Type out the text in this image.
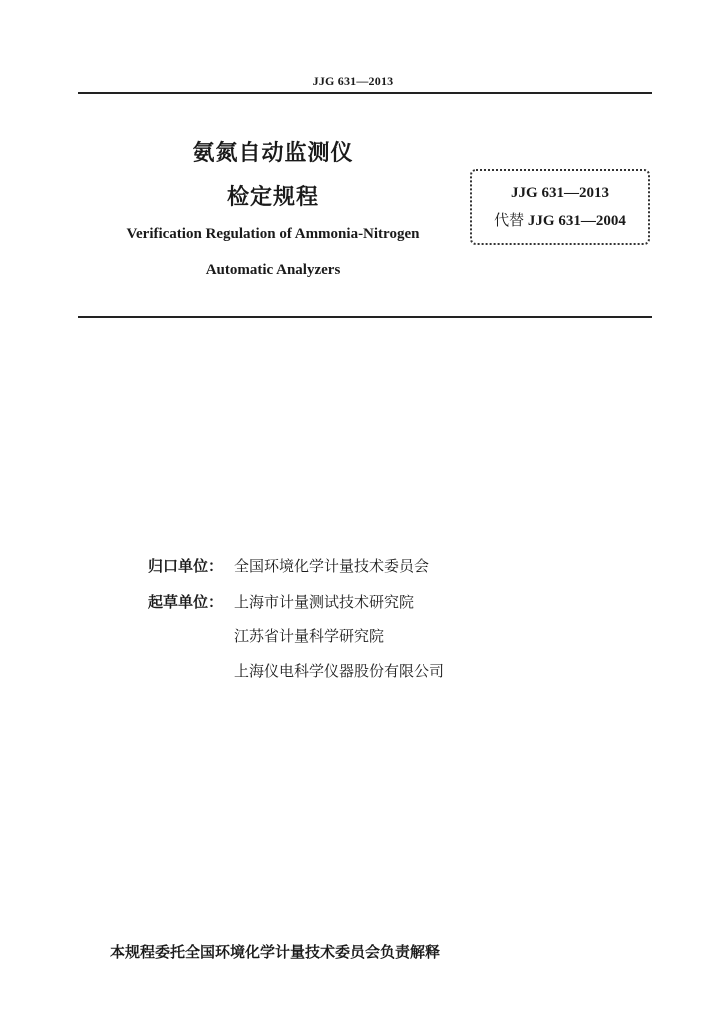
JJG 631—2013
氨氮自动监测仪
检定规程
Verification Regulation of Ammonia-Nitrogen
Automatic Analyzers
JJG 631—2013
代替 JJG 631—2004
归口单位： 全国环境化学计量技术委员会
起草单位： 上海市计量测试技术研究院
江苏省计量科学研究院
上海仪电科学仪器股份有限公司
本规程委托全国环境化学计量技术委员会负责解释
